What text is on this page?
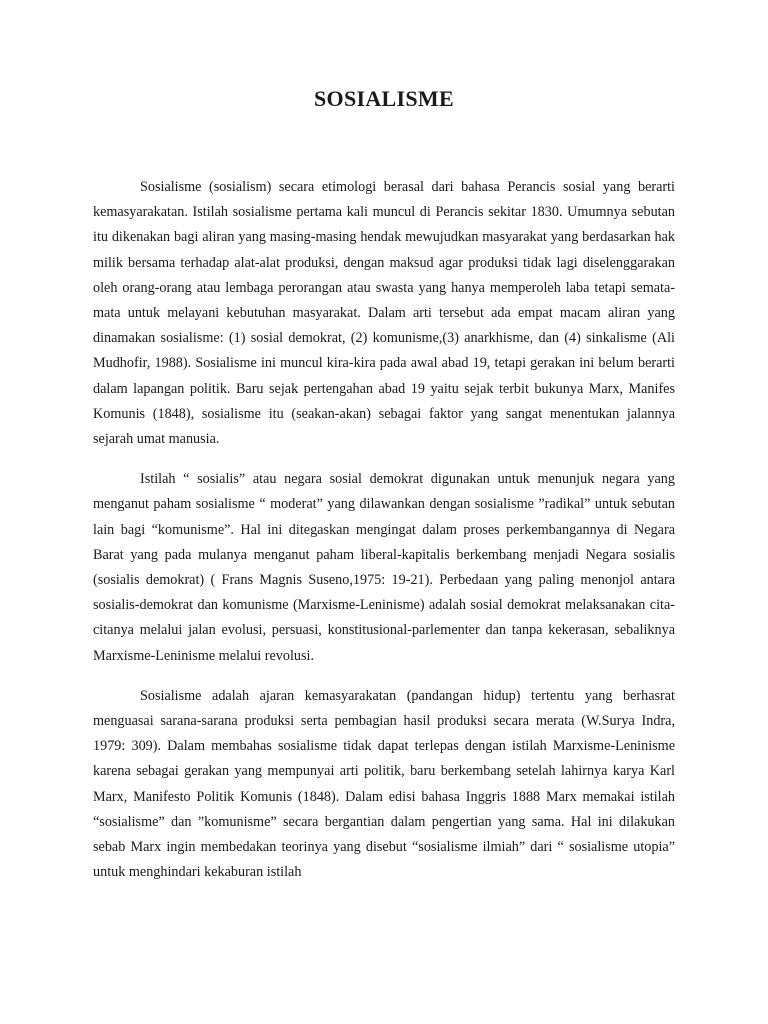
SOSIALISME

Sosialisme (sosialism) secara etimologi berasal dari bahasa Perancis sosial yang berarti kemasyarakatan. Istilah sosialisme pertama kali muncul di Perancis sekitar 1830. Umumnya sebutan itu dikenakan bagi aliran yang masing-masing hendak mewujudkan masyarakat yang berdasarkan hak milik bersama terhadap alat-alat produksi, dengan maksud agar produksi tidak lagi diselenggarakan oleh orang-orang atau lembaga perorangan atau swasta yang hanya memperoleh laba tetapi semata-mata untuk melayani kebutuhan masyarakat. Dalam arti tersebut ada empat macam aliran yang dinamakan sosialisme: (1) sosial demokrat, (2) komunisme,(3) anarkhisme, dan (4) sinkalisme (Ali Mudhofir, 1988). Sosialisme ini muncul kira-kira pada awal abad 19, tetapi gerakan ini belum berarti dalam lapangan politik. Baru sejak pertengahan abad 19 yaitu sejak terbit bukunya Marx, Manifes Komunis (1848), sosialisme itu (seakan-akan) sebagai faktor yang sangat menentukan jalannya sejarah umat manusia.

Istilah “ sosialis” atau negara sosial demokrat digunakan untuk menunjuk negara yang menganut paham sosialisme “ moderat” yang dilawankan dengan sosialisme ”radikal” untuk sebutan lain bagi “komunisme”. Hal ini ditegaskan mengingat dalam proses perkembangannya di Negara Barat yang pada mulanya menganut paham liberal-kapitalis berkembang menjadi Negara sosialis (sosialis demokrat) ( Frans Magnis Suseno,1975: 19-21). Perbedaan yang paling menonjol antara sosialis-demokrat dan komunisme (Marxisme-Leninisme) adalah sosial demokrat melaksanakan cita-citanya melalui jalan evolusi, persuasi, konstitusional-parlementer dan tanpa kekerasan, sebaliknya Marxisme-Leninisme melalui revolusi.

Sosialisme adalah ajaran kemasyarakatan (pandangan hidup) tertentu yang berhasrat menguasai sarana-sarana produksi serta pembagian hasil produksi secara merata (W.Surya Indra, 1979: 309). Dalam membahas sosialisme tidak dapat terlepas dengan istilah Marxisme-Leninisme karena sebagai gerakan yang mempunyai arti politik, baru berkembang setelah lahirnya karya Karl Marx, Manifesto Politik Komunis (1848). Dalam edisi bahasa Inggris 1888 Marx memakai istilah “sosialisme” dan ”komunisme” secara bergantian dalam pengertian yang sama. Hal ini dilakukan sebab Marx ingin membedakan teorinya yang disebut “sosialisme ilmiah” dari “ sosialisme utopia” untuk menghindari kekaburan istilah
